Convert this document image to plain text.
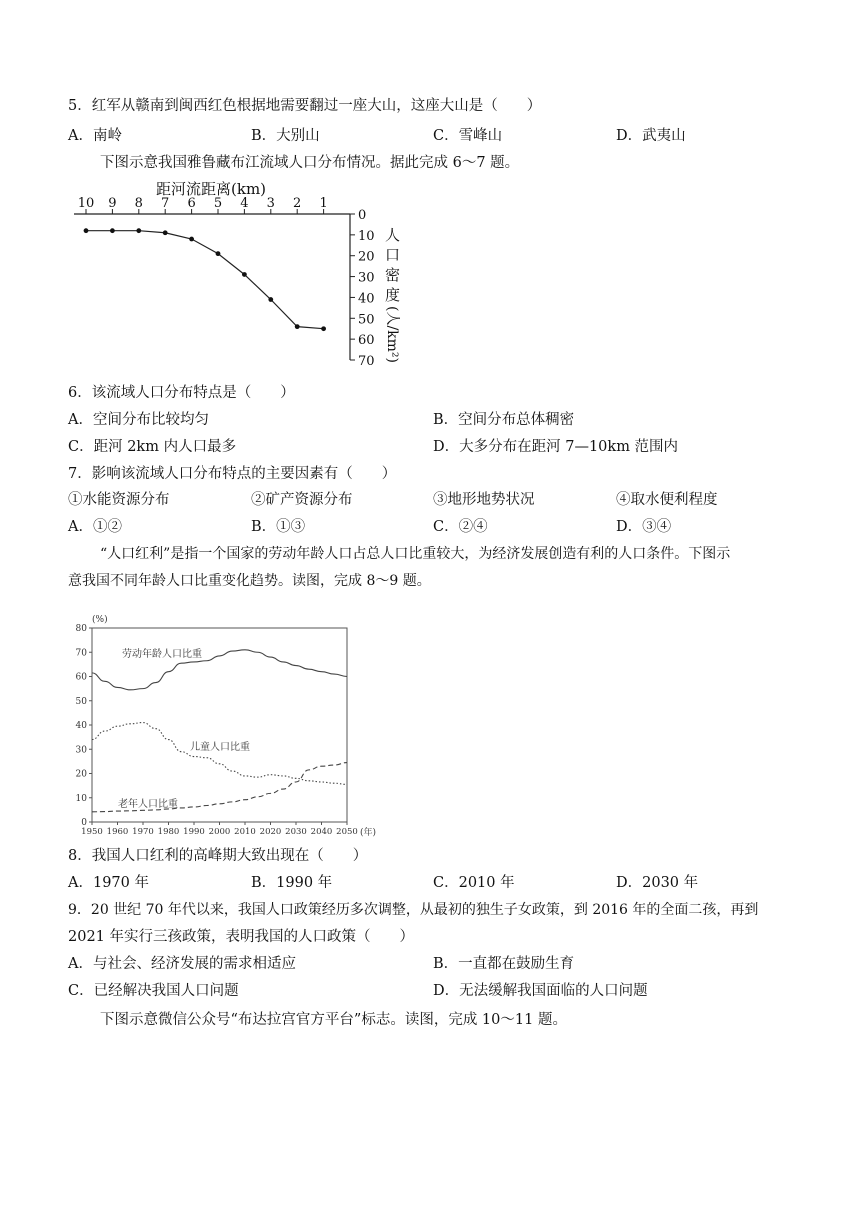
5．红军从赣南到闽西红色根据地需要翻过一座大山，这座大山是（　　）
A．南岭	B．大别山	C．雪峰山	D．武夷山
下图示意我国雅鲁藏布江流域人口分布情况。据此完成 6～7 题。
距河流距离(km)
10 9 8 7 6 5 4 3 2 1
0
10
20
30
40
50
60
70
人
口
密
度
(人/km²)
6．该流域人口分布特点是（　　）
A．空间分布比较均匀	B．空间分布总体稠密
C．距河 2km 内人口最多	D．大多分布在距河 7—10km 范围内
7．影响该流域人口分布特点的主要因素有（　　）
①水能资源分布	②矿产资源分布	③地形地势状况	④取水便利程度
A．①②	B．①③	C．②④	D．③④
“人口红利”是指一个国家的劳动年龄人口占总人口比重较大，为经济发展创造有利的人口条件。下图示
意我国不同年龄人口比重变化趋势。读图，完成 8～9 题。
(%)
(年)
0
10
20
30
40
50
60
70
80
1950 1960 1970 1980 1990 2000 2010 2020 2030 2040 2050
劳动年龄人口比重
儿童人口比重
老年人口比重
8．我国人口红利的高峰期大致出现在（　　）
A．1970 年	B．1990 年	C．2010 年	D．2030 年
9．20 世纪 70 年代以来，我国人口政策经历多次调整，从最初的独生子女政策，到 2016 年的全面二孩，再到
2021 年实行三孩政策，表明我国的人口政策（　　）
A．与社会、经济发展的需求相适应	B．一直都在鼓励生育
C．已经解决我国人口问题	D．无法缓解我国面临的人口问题
下图示意微信公众号“布达拉宫官方平台”标志。读图，完成 10～11 题。
